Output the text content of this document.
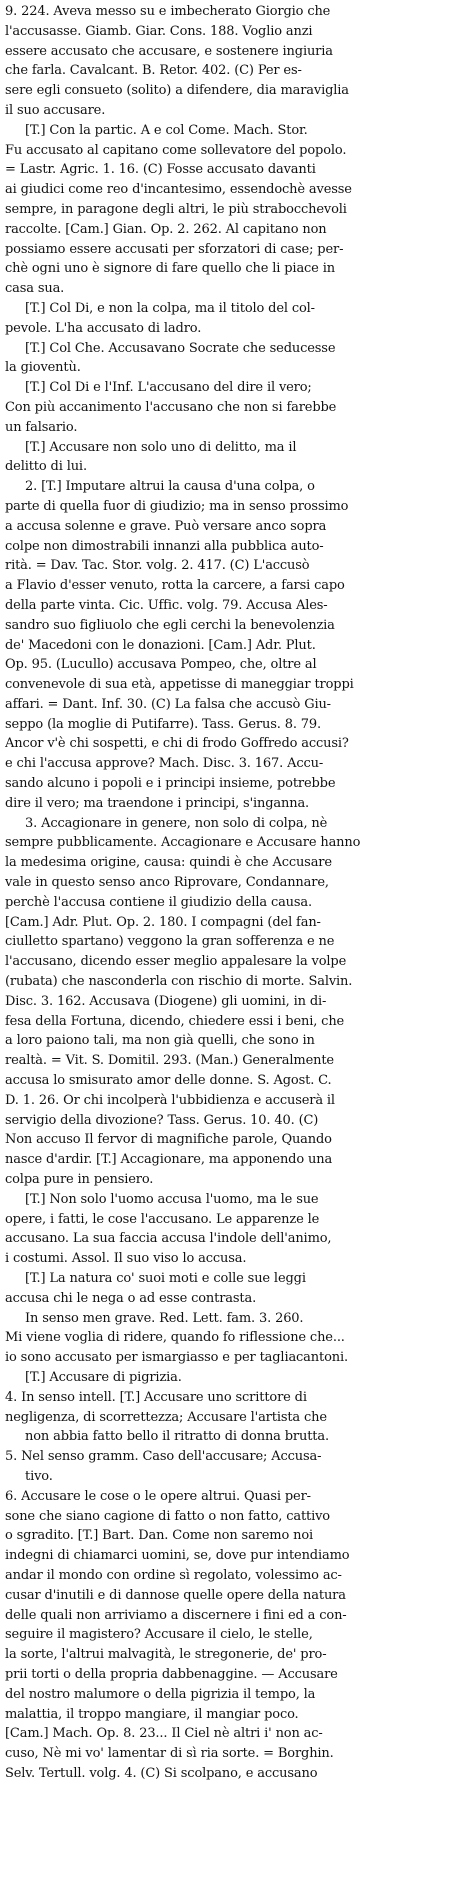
9. 224. Aveva messo su e imbecherato Giorgio che
l'accusasse. Giamb. Giar. Cons. 188. Voglio anzi
essere accusato che accusare, e sostenere ingiuria
che farla. Cavalcant. B. Retor. 402. (C) Per es-
sere egli consueto (solito) a difendere, dia maraviglia
il suo accusare.
[T.] Con la partic. A e col Come. Mach. Stor.
Fu accusato al capitano come sollevatore del popolo.
= Lastr. Agric. 1. 16. (C) Fosse accusato davanti
ai giudici come reo d'incantesimo, essendochè avesse
sempre, in paragone degli altri, le più strabocchevoli
raccolte. [Cam.] Gian. Op. 2. 262. Al capitano non
possiamo essere accusati per sforzatori di case; per-
chè ogni uno è signore di fare quello che li piace in
casa sua.
[T.] Col Di, e non la colpa, ma il titolo del col-
pevole. L'ha accusato di ladro.
[T.] Col Che. Accusavano Socrate che seducesse
la gioventù.
[T.] Col Di e l'Inf. L'accusano del dire il vero;
Con più accanimento l'accusano che non si farebbe
un falsario.
[T.] Accusare non solo uno di delitto, ma il
delitto di lui.
2. [T.] Imputare altrui la causa d'una colpa, o
parte di quella fuor di giudizio; ma in senso prossimo
a accusa solenne e grave. Può versare anco sopra
colpe non dimostrabili innanzi alla pubblica auto-
rità. = Dav. Tac. Stor. volg. 2. 417. (C) L'accusò
a Flavio d'esser venuto, rotta la carcere, a farsi capo
della parte vinta. Cic. Uffic. volg. 79. Accusa Ales-
sandro suo figliuolo che egli cerchi la benevolenzia
de' Macedoni con le donazioni. [Cam.] Adr. Plut.
Op. 95. (Lucullo) accusava Pompeo, che, oltre al
convenevole di sua età, appetisse di maneggiar troppi
affari. = Dant. Inf. 30. (C) La falsa che accusò Giu-
seppo (la moglie di Putifarre). Tass. Gerus. 8. 79.
Ancor v'è chi sospetti, e chi di frodo Goffredo accusi?
e chi l'accusa approve? Mach. Disc. 3. 167. Accu-
sando alcuno i popoli e i principi insieme, potrebbe
dire il vero; ma traendone i principi, s'inganna.
3. Accagionare in genere, non solo di colpa, nè
sempre pubblicamente. Accagionare e Accusare hanno
la medesima origine, causa: quindi è che Accusare
vale in questo senso anco Riprovare, Condannare,
perchè l'accusa contiene il giudizio della causa.
[Cam.] Adr. Plut. Op. 2. 180. I compagni (del fan-
ciulletto spartano) veggono la gran sofferenza e ne
l'accusano, dicendo esser meglio appalesare la volpe
(rubata) che nasconderla con rischio di morte. Salvin.
Disc. 3. 162. Accusava (Diogene) gli uomini, in di-
fesa della Fortuna, dicendo, chiedere essi i beni, che
a loro paiono tali, ma non già quelli, che sono in
realtà. = Vit. S. Domitil. 293. (Man.) Generalmente
accusa lo smisurato amor delle donne. S. Agost. C.
D. 1. 26. Or chi incolperà l'ubbidienza e accuserà il
servigio della divozione? Tass. Gerus. 10. 40. (C)
Non accuso Il fervor di magnifiche parole, Quando
nasce d'ardir. [T.] Accagionare, ma apponendo una
colpa pure in pensiero.
[T.] Non solo l'uomo accusa l'uomo, ma le sue
opere, i fatti, le cose l'accusano. Le apparenze le
accusano. La sua faccia accusa l'indole dell'animo,
i costumi. Assol. Il suo viso lo accusa.
[T.] La natura co' suoi moti e colle sue leggi
accusa chi le nega o ad esse contrasta.
In senso men grave. Red. Lett. fam. 3. 260.
Mi viene voglia di ridere, quando fo riflessione che...
io sono accusato per ismargiasso e per tagliacantoni.
[T.] Accusare di pigrizia.
4. In senso intell. [T.] Accusare uno scrittore di
negligenza, di scorrettezza; Accusare l'artista che
non abbia fatto bello il ritratto di donna brutta.
5. Nel senso gramm. Caso dell'accusare; Accusa-
tivo.
6. Accusare le cose o le opere altrui. Quasi per-
sone che siano cagione di fatto o non fatto, cattivo
o sgradito. [T.] Bart. Dan. Come non saremo noi
indegni di chiamarci uomini, se, dove pur intendiamo
andar il mondo con ordine sì regolato, volessimo ac-
cusar d'inutili e di dannose quelle opere della natura
delle quali non arriviamo a discernere i fini ed a con-
seguire il magistero? Accusare il cielo, le stelle,
la sorte, l'altrui malvagità, le stregonerie, de' pro-
prii torti o della propria dabbenaggine. — Accusare
del nostro malumore o della pigrizia il tempo, la
malattia, il troppo mangiare, il mangiar poco.
[Cam.] Mach. Op. 8. 23... Il Ciel nè altri i' non ac-
cuso, Nè mi vo' lamentar di sì ria sorte. = Borghin.
Selv. Tertull. volg. 4. (C) Si scolpano, e accusano
